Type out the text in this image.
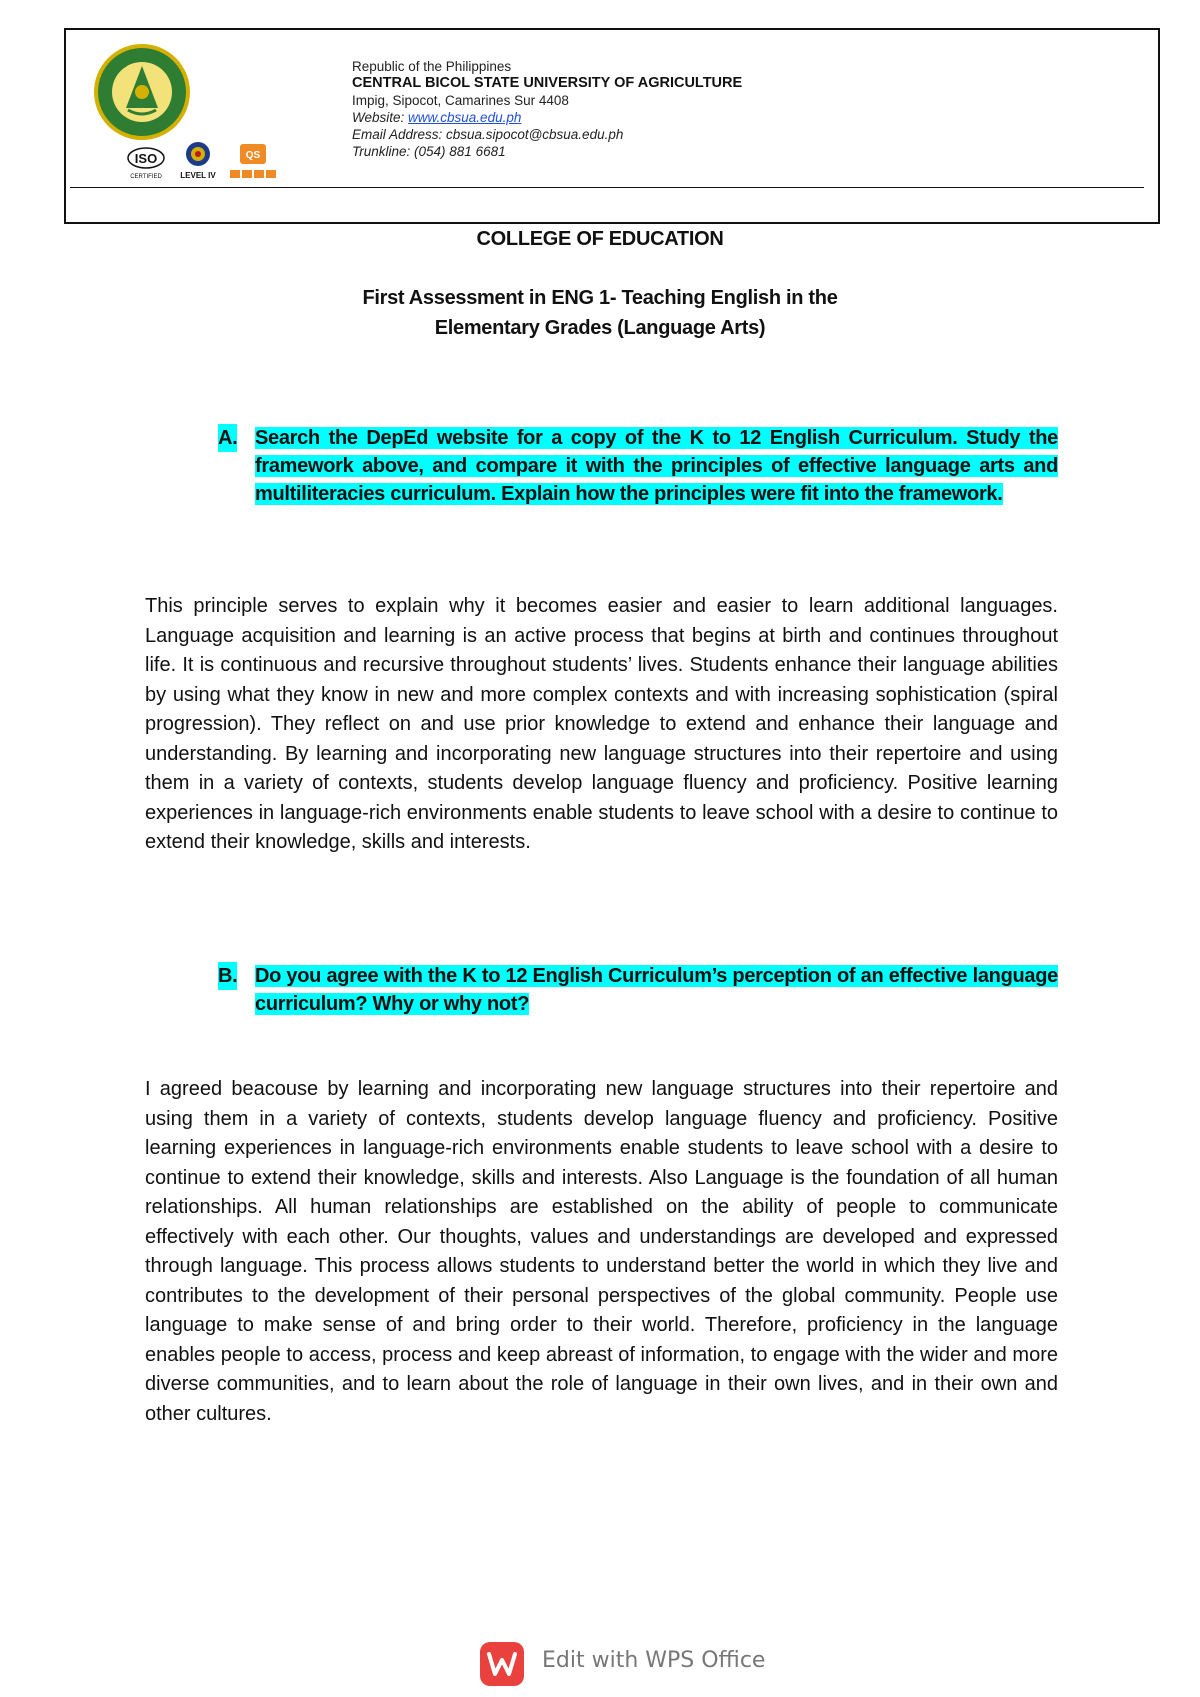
ISO
CERTIFIED LEVEL IV
QS
Republic of the Philippines
CENTRAL BICOL STATE UNIVERSITY OF AGRICULTURE
Impig, Sipocot, Camarines Sur 4408
Website: www.cbsua.edu.ph
Email Address: cbsua.sipocot@cbsua.edu.ph
Trunkline: (054) 881 6681
COLLEGE OF EDUCATION
First Assessment in ENG 1- Teaching English in the
Elementary Grades (Language Arts)
A. Search the DepEd website for a copy of the K to 12 English Curriculum. Study the framework above, and compare it with the principles of effective language arts and multiliteracies curriculum. Explain how the principles were fit into the framework.
This principle serves to explain why it becomes easier and easier to learn additional languages. Language acquisition and learning is an active process that begins at birth and continues throughout life. It is continuous and recursive throughout students’ lives. Students enhance their language abilities by using what they know in new and more complex contexts and with increasing sophistication (spiral progression). They reflect on and use prior knowledge to extend and enhance their language and understanding. By learning and incorporating new language structures into their repertoire and using them in a variety of contexts, students develop language fluency and proficiency. Positive learning experiences in language-rich environments enable students to leave school with a desire to continue to extend their knowledge, skills and interests.
B. Do you agree with the K to 12 English Curriculum’s perception of an effective language curriculum? Why or why not?
I agreed beacouse by learning and incorporating new language structures into their repertoire and using them in a variety of contexts, students develop language fluency and proficiency. Positive learning experiences in language-rich environments enable students to leave school with a desire to continue to extend their knowledge, skills and interests. Also Language is the foundation of all human relationships. All human relationships are established on the ability of people to communicate effectively with each other. Our thoughts, values and understandings are developed and expressed through language. This process allows students to understand better the world in which they live and contributes to the development of their personal perspectives of the global community. People use language to make sense of and bring order to their world. Therefore, proficiency in the language enables people to access, process and keep abreast of information, to engage with the wider and more diverse communities, and to learn about the role of language in their own lives, and in their own and other cultures.
Edit with WPS Office
